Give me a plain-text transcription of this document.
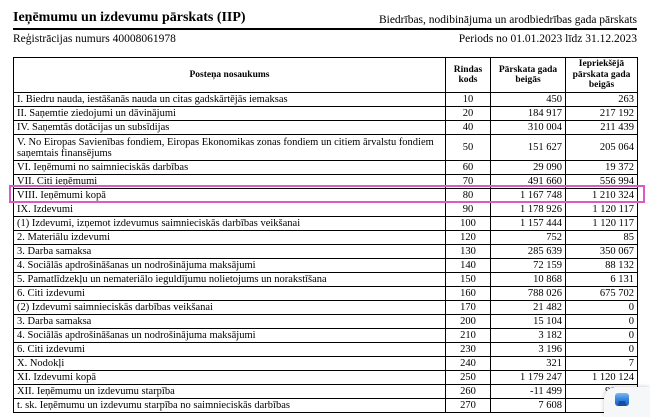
Ieņēmumu un izdevumu pārskats (IIP)	Biedrības, nodibinājuma un arodbiedrības gada pārskats
Reģistrācijas numurs 40008061978	Periods no 01.01.2023 līdz 31.12.2023
Posteņa nosaukums	Rindas kods	Pārskata gada beigās	Iepriekšējā pārskata gada beigās
I. Biedru nauda, iestāšanās nauda un citas gadskārtējās iemaksas	10	450	263
II. Saņemtie ziedojumi un dāvinājumi	20	184 917	217 192
IV. Saņemtās dotācijas un subsīdijas	40	310 004	211 439
V. No Eiropas Savienības fondiem, Eiropas Ekonomikas zonas fondiem un citiem ārvalstu fondiem saņemtais finansējums	50	151 627	205 064
VI. Ieņēmumi no saimnieciskās darbības	60	29 090	19 372
VII. Citi ieņēmumi	70	491 660	556 994
VIII. Ieņēmumi kopā	80	1 167 748	1 210 324
IX. Izdevumi	90	1 178 926	1 120 117
(1) Izdevumi, izņemot izdevumus saimnieciskās darbības veikšanai	100	1 157 444	1 120 117
2. Materiālu izdevumi	120	752	85
3. Darba samaksa	130	285 639	350 067
4. Sociālās apdrošināšanas un nodrošinājuma maksājumi	140	72 159	88 132
5. Pamatlīdzekļu un nemateriālo ieguldījumu nolietojums un norakstīšana	150	10 868	6 131
6. Citi izdevumi	160	788 026	675 702
(2) Izdevumi saimnieciskās darbības veikšanai	170	21 482	0
3. Darba samaksa	200	15 104	0
4. Sociālās apdrošināšanas un nodrošinājuma maksājumi	210	3 182	0
6. Citi izdevumi	230	3 196	0
X. Nodokļi	240	321	7
XI. Izdevumi kopā	250	1 179 247	1 120 124
XII. Ieņēmumu un izdevumu starpība	260	-11 499	
t. sk. Ieņēmumu un izdevumu starpība no saimnieciskās darbības	270	7 608	
